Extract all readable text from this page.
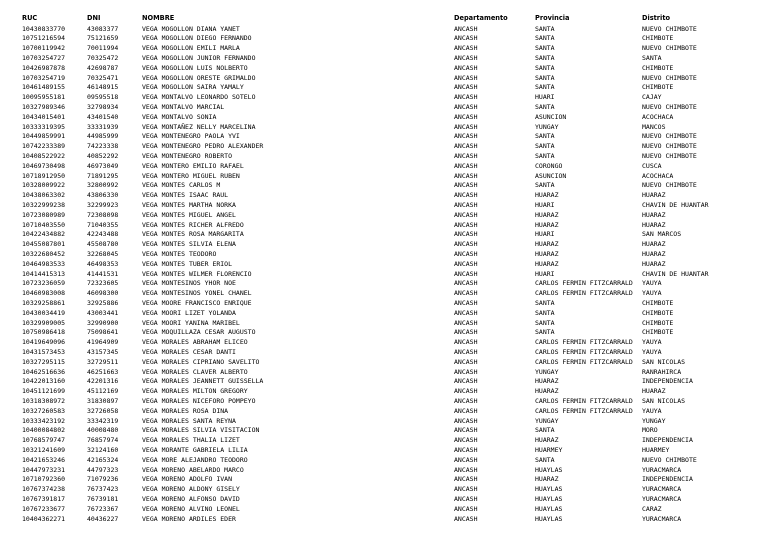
RUC	DNI	NOMBRE	Departamento	Provincia	Distrito
10430833770	43083377	VEGA MOGOLLON DIANA YANET	ANCASH	SANTA	NUEVO CHIMBOTE
10751216594	75121659	VEGA MOGOLLON DIEGO FERNANDO	ANCASH	SANTA	CHIMBOTE
10700119942	70011994	VEGA MOGOLLON EMILI MARLA	ANCASH	SANTA	NUEVO CHIMBOTE
10703254727	70325472	VEGA MOGOLLON JUNIOR FERNANDO	ANCASH	SANTA	SANTA
10426987878	42698787	VEGA MOGOLLON LUIS NOLBERTO	ANCASH	SANTA	CHIMBOTE
10703254719	70325471	VEGA MOGOLLON ORESTE GRIMALDO	ANCASH	SANTA	NUEVO CHIMBOTE
10461489155	46148915	VEGA MOGOLLON SAIRA YAMALY	ANCASH	SANTA	CHIMBOTE
10095955181	09595518	VEGA MONTALVO LEONARDO SOTELO	ANCASH	HUARI	CAJAY
10327989346	32798934	VEGA MONTALVO MARCIAL	ANCASH	SANTA	NUEVO CHIMBOTE
10434015401	43401540	VEGA MONTALVO SONIA	ANCASH	ASUNCION	ACOCHACA
10333319395	33331939	VEGA MONTAÑEZ NELLY MARCELINA	ANCASH	YUNGAY	MANCOS
10449859991	44985999	VEGA MONTENEGRO PAOLA YVI	ANCASH	SANTA	NUEVO CHIMBOTE
10742233389	74223338	VEGA MONTENEGRO PEDRO ALEXANDER	ANCASH	SANTA	NUEVO CHIMBOTE
10408522922	40852292	VEGA MONTENEGRO ROBERTO	ANCASH	SANTA	NUEVO CHIMBOTE
10469730498	46973049	VEGA MONTERO EMILIO RAFAEL	ANCASH	CORONGO	CUSCA
10718912950	71891295	VEGA MONTERO MIGUEL RUBEN	ANCASH	ASUNCION	ACOCHACA
10328009922	32800992	VEGA MONTES CARLOS M	ANCASH	SANTA	NUEVO CHIMBOTE
10438063302	43806330	VEGA MONTES ISAAC RAUL	ANCASH	HUARAZ	HUARAZ
10322999238	32299923	VEGA MONTES MARTHA NORKA	ANCASH	HUARI	CHAVIN DE HUANTAR
10723080989	72308098	VEGA MONTES MIGUEL ANGEL	ANCASH	HUARAZ	HUARAZ
10710403550	71040355	VEGA MONTES RICHER ALFREDO	ANCASH	HUARAZ	HUARAZ
10422434882	42243488	VEGA MONTES ROSA MARGARITA	ANCASH	HUARI	SAN MARCOS
10455087801	45508780	VEGA MONTES SILVIA ELENA	ANCASH	HUARAZ	HUARAZ
10322680452	32268045	VEGA MONTES TEODORO	ANCASH	HUARAZ	HUARAZ
10464983533	46498353	VEGA MONTES TUBER ERIOL	ANCASH	HUARAZ	HUARAZ
10414415313	41441531	VEGA MONTES WILMER FLORENCIO	ANCASH	HUARI	CHAVIN DE HUANTAR
10723236059	72323605	VEGA MONTESINOS YHOR NOE	ANCASH	CARLOS FERMIN FITZCARRALD	YAUYA
10460983008	46098300	VEGA MONTESINOS YONEL CHANEL	ANCASH	CARLOS FERMIN FITZCARRALD	YAUYA
10329258861	32925886	VEGA MOORE FRANCISCO ENRIQUE	ANCASH	SANTA	CHIMBOTE
10430034419	43003441	VEGA MOORI LIZET YOLANDA	ANCASH	SANTA	CHIMBOTE
10329909005	32990900	VEGA MOORI YANINA MARIBEL	ANCASH	SANTA	CHIMBOTE
10750986418	75098641	VEGA MOQUILLAZA CESAR AUGUSTO	ANCASH	SANTA	CHIMBOTE
10419649096	41964909	VEGA MORALES ABRAHAM ELICEO	ANCASH	CARLOS FERMIN FITZCARRALD	YAUYA
10431573453	43157345	VEGA MORALES CESAR DANTI	ANCASH	CARLOS FERMIN FITZCARRALD	YAUYA
10327295115	32729511	VEGA MORALES CIPRIANO SAVELITO	ANCASH	CARLOS FERMIN FITZCARRALD	SAN NICOLAS
10462516636	46251663	VEGA MORALES CLAVER ALBERTO	ANCASH	YUNGAY	RANRAHIRCA
10422013160	42201316	VEGA MORALES JEANNETT GUISSELLA	ANCASH	HUARAZ	INDEPENDENCIA
10451121699	45112169	VEGA MORALES MILTON GREGORY	ANCASH	HUARAZ	HUARAZ
10318308972	31830897	VEGA MORALES NICEFORO POMPEYO	ANCASH	CARLOS FERMIN FITZCARRALD	SAN NICOLAS
10327260583	32726058	VEGA MORALES ROSA DINA	ANCASH	CARLOS FERMIN FITZCARRALD	YAUYA
10333423192	33342319	VEGA MORALES SANTA REYNA	ANCASH	YUNGAY	YUNGAY
10400084802	40008480	VEGA MORALES SILVIA VISITACION	ANCASH	SANTA	MORO
10768579747	76857974	VEGA MORALES THALIA LIZET	ANCASH	HUARAZ	INDEPENDENCIA
10321241609	32124160	VEGA MORANTE GABRIELA LILIA	ANCASH	HUARMEY	HUARMEY
10421653246	42165324	VEGA MORE ALEJANDRO TEODORO	ANCASH	SANTA	NUEVO CHIMBOTE
10447973231	44797323	VEGA MORENO ABELARDO MARCO	ANCASH	HUAYLAS	YURACMARCA
10710792360	71079236	VEGA MORENO ADOLFO IVAN	ANCASH	HUARAZ	INDEPENDENCIA
10767374238	76737423	VEGA MORENO ALDONY GISELY	ANCASH	HUAYLAS	YURACMARCA
10767391817	76739181	VEGA MORENO ALFONSO DAVID	ANCASH	HUAYLAS	YURACMARCA
10767233677	76723367	VEGA MORENO ALVINO LEONEL	ANCASH	HUAYLAS	CARAZ
10404362271	40436227	VEGA MORENO ARDILES EDER	ANCASH	HUAYLAS	YURACMARCA
